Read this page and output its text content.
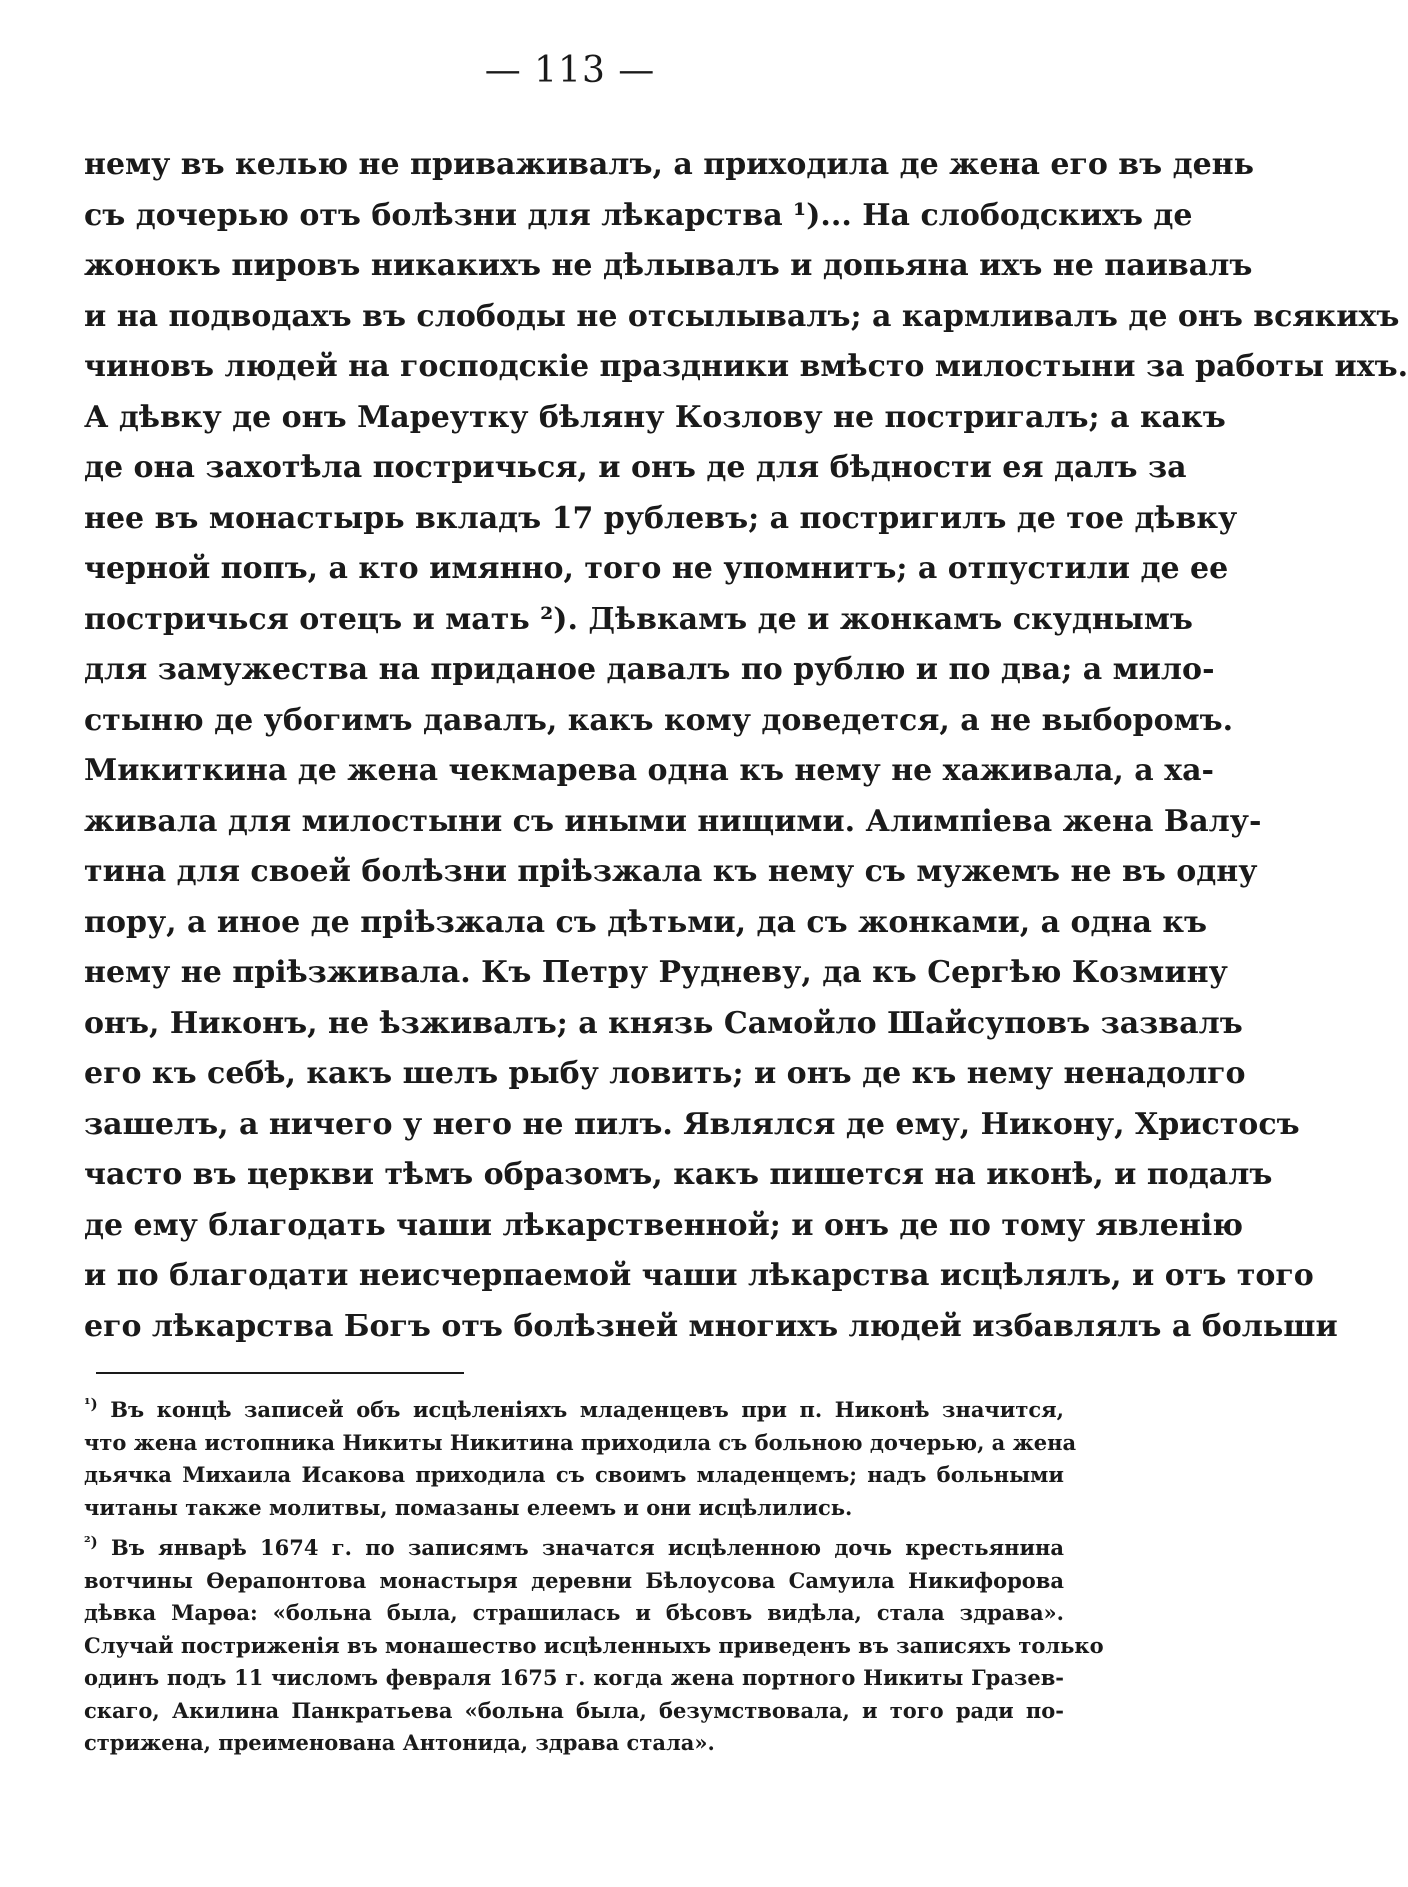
— 113 —
нему въ келью не приваживалъ, а приходила де жена его въ день
съ дочерью отъ болѣзни для лѣкарства ¹)... На слободскихъ де
жонокъ пировъ никакихъ не дѣлывалъ и допьяна ихъ не паивалъ
и на подводахъ въ слободы не отсылывалъ; а кармливалъ де онъ всякихъ
чиновъ людей на господскіе праздники вмѣсто милостыни за работы ихъ.
А дѣвку де онъ Мареутку бѣляну Козлову не постригалъ; а какъ
де она захотѣла постричься, и онъ де для бѣдности ея далъ за
нее въ монастырь вкладъ 17 рублевъ; а постригилъ де тое дѣвку
черной попъ, а кто имянно, того не упомнитъ; а отпустили де ее
постричься отецъ и мать ²). Дѣвкамъ де и жонкамъ скуднымъ
для замужества на приданое давалъ по рублю и по два; а мило-
стыню де убогимъ давалъ, какъ кому доведется, а не выборомъ.
Микиткина де жена чекмарева одна къ нему не хаживала, а ха-
живала для милостыни съ иными нищими. Алимпіева жена Валу-
тина для своей болѣзни пріѣзжала къ нему съ мужемъ не въ одну
пору, а иное де пріѣзжала съ дѣтьми, да съ жонками, а одна къ
нему не пріѣзживала. Къ Петру Рудневу, да къ Сергѣю Козмину
онъ, Никонъ, не ѣзживалъ; а князь Самойло Шайсуповъ зазвалъ
его къ себѣ, какъ шелъ рыбу ловить; и онъ де къ нему ненадолго
зашелъ, а ничего у него не пилъ. Являлся де ему, Никону, Христосъ
часто въ церкви тѣмъ образомъ, какъ пишется на иконѣ, и подалъ
де ему благодать чаши лѣкарственной; и онъ де по тому явленію
и по благодати неисчерпаемой чаши лѣкарства исцѣлялъ, и отъ того
его лѣкарства Богъ отъ болѣзней многихъ людей избавлялъ а больши
$^{^1)}$ Въ концѣ записей объ исцѣленіяхъ младенцевъ при п. Никонѣ значится,
что жена истопника Никиты Никитина приходила съ больною дочерью, а жена
дьячка Михаила Исакова приходила съ своимъ младенцемъ; надъ больными
читаны также молитвы, помазаны елеемъ и они исцѣлились.
$^{^2)}$ Въ январѣ 1674 г. по записямъ значатся исцѣленною дочь крестьянина
вотчины Ѳерапонтова монастыря деревни Бѣлоусова Самуила Никифорова
дѣвка Марѳа: «больна была, страшилась и бѣсовъ видѣла, стала здрава».
Случай постриженія въ монашество исцѣленныхъ приведенъ въ записяхъ только
одинъ подъ 11 числомъ февраля 1675 г. когда жена портного Никиты Гразев-
скаго, Акилина Панкратьева «больна была, безумствовала, и того ради по-
стрижена, преименована Антонида, здрава стала».
